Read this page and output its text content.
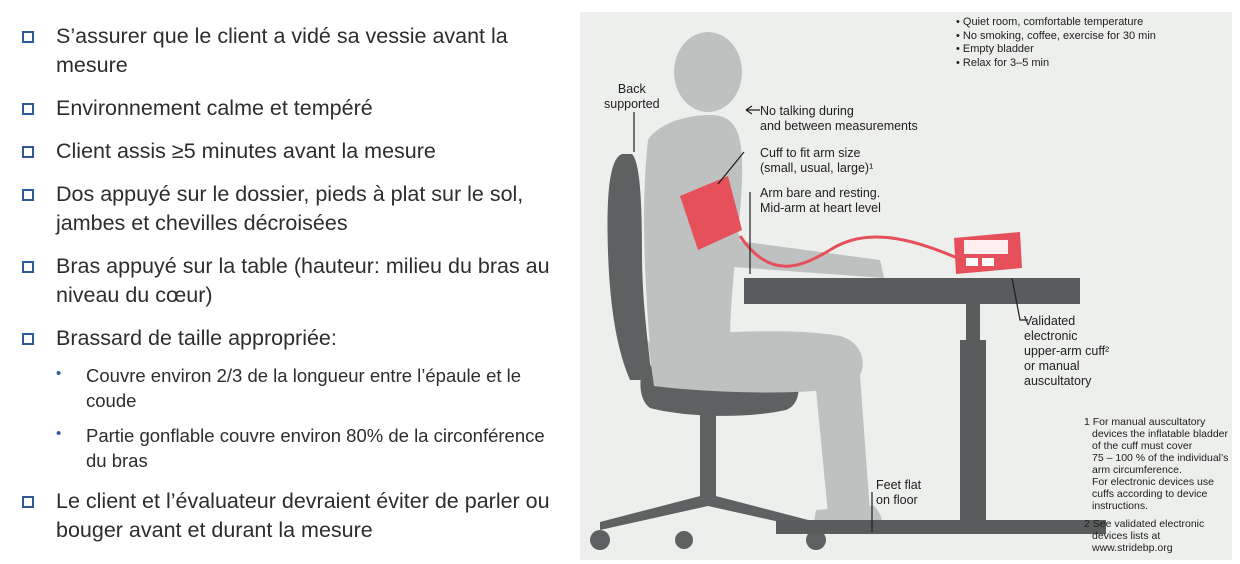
S’assurer que le client a vidé sa vessie avant la mesure
Environnement calme et tempéré
Client assis ≥5 minutes avant la mesure
Dos appuyé sur le dossier, pieds à plat sur le sol, jambes et chevilles décroisées
Bras appuyé sur la table (hauteur: milieu du bras au niveau du cœur)
Brassard de taille appropriée:
•	Couvre environ 2/3 de la longueur entre l’épaule et le coude
•	Partie gonflable couvre environ 80% de la circonférence du bras
Le client et l’évaluateur devraient éviter de parler ou bouger avant et durant la mesure
• Quiet room, comfortable temperature
• No smoking, coffee, exercise for 30 min
• Empty bladder
• Relax for 3–5 min
Back
supported	No talking during
and between measurements
Cuff to fit arm size
(small, usual, large)¹
Arm bare and resting.
Mid-arm at heart level
Validated
electronic
upper-arm cuff²
or manual
auscultatory
Feet flat
on floor
1 For manual auscultatory
devices the inflatable bladder
of the cuff must cover
75 – 100 % of the individual’s
arm circumference.
For electronic devices use
cuffs according to device
instructions.
2 See validated electronic
devices lists at
www.stridebp.org
